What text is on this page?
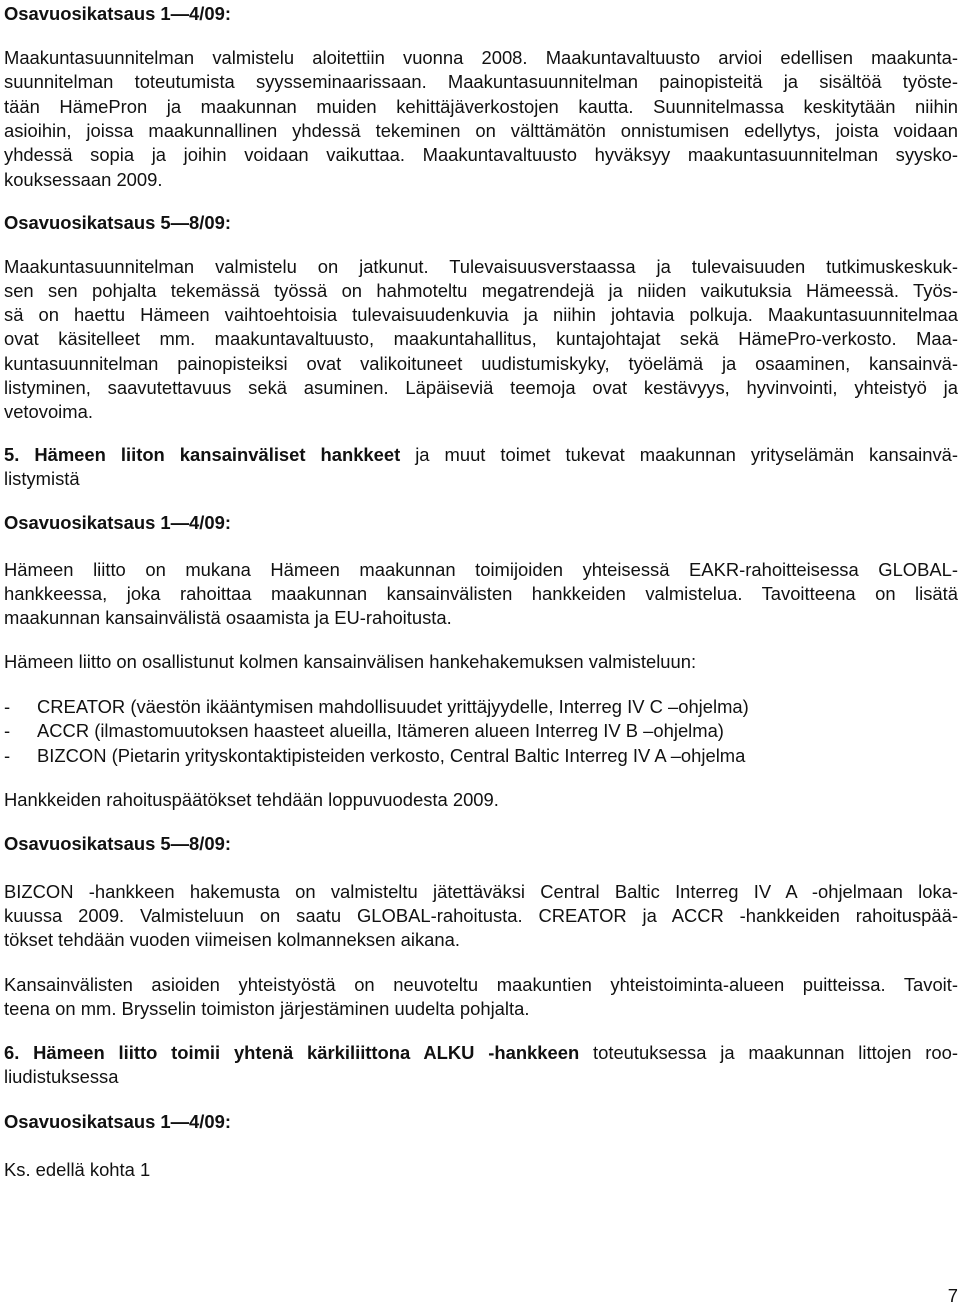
Osavuosikatsaus 1—4/09:
Maakuntasuunnitelman valmistelu aloitettiin vuonna 2008. Maakuntavaltuusto arvioi edellisen maakunta-
suunnitelman toteutumista syysseminaarissaan. Maakuntasuunnitelman painopisteitä ja sisältöä työste-
tään HämePron ja maakunnan muiden kehittäjäverkostojen kautta. Suunnitelmassa keskitytään niihin
asioihin, joissa maakunnallinen yhdessä tekeminen on välttämätön onnistumisen edellytys, joista voidaan
yhdessä sopia ja joihin voidaan vaikuttaa. Maakuntavaltuusto hyväksyy maakuntasuunnitelman syysko-
kouksessaan 2009.
Osavuosikatsaus 5—8/09:
Maakuntasuunnitelman valmistelu on jatkunut. Tulevaisuusverstaassa ja tulevaisuuden tutkimuskeskuk-
sen sen pohjalta tekemässä työssä on hahmoteltu megatrendejä ja niiden vaikutuksia Hämeessä. Työs-
sä on haettu Hämeen vaihtoehtoisia tulevaisuudenkuvia ja niihin johtavia polkuja. Maakuntasuunnitelmaa
ovat käsitelleet mm. maakuntavaltuusto, maakuntahallitus, kuntajohtajat sekä HämePro-verkosto. Maa-
kuntasuunnitelman painopisteiksi ovat valikoituneet uudistumiskyky, työelämä ja osaaminen, kansainvä-
listyminen, saavutettavuus sekä asuminen. Läpäiseviä teemoja ovat kestävyys, hyvinvointi, yhteistyö ja
vetovoima.
5. Hämeen liiton kansainväliset hankkeet ja muut toimet tukevat maakunnan yrityselämän kansainvä-
listymistä
Osavuosikatsaus 1—4/09:
Hämeen liitto on mukana Hämeen maakunnan toimijoiden yhteisessä EAKR-rahoitteisessa GLOBAL-
hankkeessa, joka rahoittaa maakunnan kansainvälisten hankkeiden valmistelua. Tavoitteena on lisätä
maakunnan kansainvälistä osaamista ja EU-rahoitusta.
Hämeen liitto on osallistunut kolmen kansainvälisen hankehakemuksen valmisteluun:
- CREATOR (väestön ikääntymisen mahdollisuudet yrittäjyydelle, Interreg IV C –ohjelma)
- ACCR (ilmastomuutoksen haasteet alueilla, Itämeren alueen Interreg IV B –ohjelma)
- BIZCON (Pietarin yrityskontaktipisteiden verkosto, Central Baltic Interreg IV A –ohjelma
Hankkeiden rahoituspäätökset tehdään loppuvuodesta 2009.
Osavuosikatsaus 5—8/09:
BIZCON -hankkeen hakemusta on valmisteltu jätettäväksi Central Baltic Interreg IV A -ohjelmaan loka-
kuussa 2009. Valmisteluun on saatu GLOBAL-rahoitusta. CREATOR ja ACCR -hankkeiden rahoituspää-
tökset tehdään vuoden viimeisen kolmanneksen aikana.
Kansainvälisten asioiden yhteistyöstä on neuvoteltu maakuntien yhteistoiminta-alueen puitteissa. Tavoit-
teena on mm. Brysselin toimiston järjestäminen uudelta pohjalta.
6. Hämeen liitto toimii yhtenä kärkiliittona ALKU -hankkeen toteutuksessa ja maakunnan littojen roo-
liudistuksessa
Osavuosikatsaus 1—4/09:
Ks. edellä kohta 1
7
